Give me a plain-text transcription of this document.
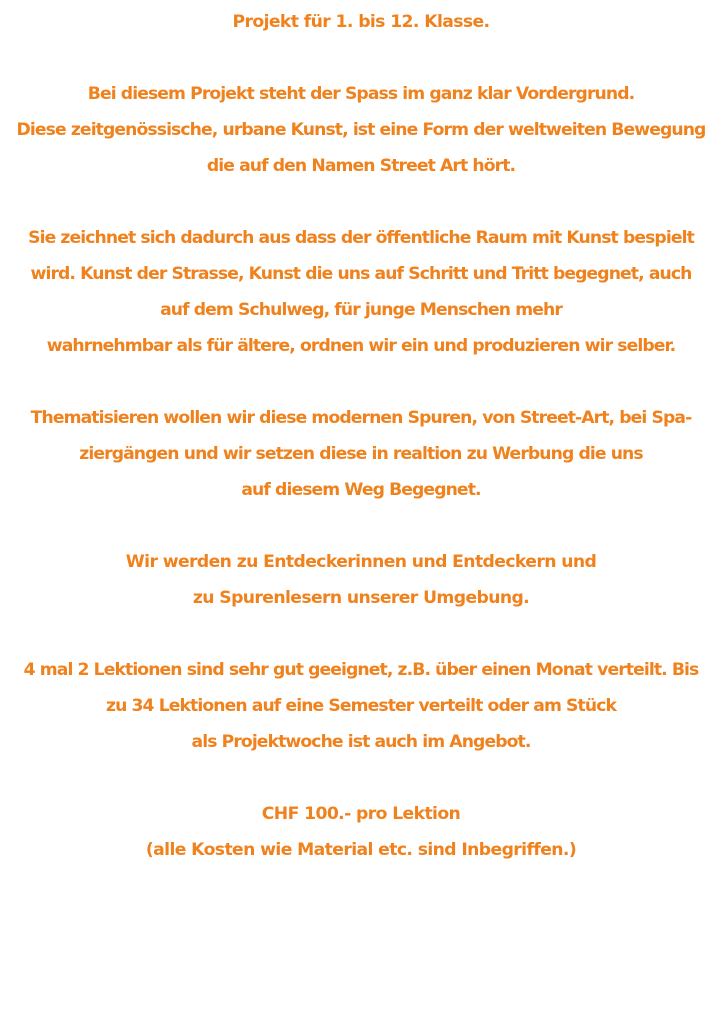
Projekt für 1. bis 12. Klasse.
Bei diesem Projekt steht der Spass im ganz klar Vordergrund.
Diese zeitgenössische, urbane Kunst, ist eine Form der weltweiten Bewegung
die auf den Namen Street Art hört.
Sie zeichnet sich dadurch aus dass der öffentliche Raum mit Kunst bespielt
wird. Kunst der Strasse, Kunst die uns auf Schritt und Tritt begegnet, auch
auf dem Schulweg, für junge Menschen mehr
wahrnehmbar als für ältere, ordnen wir ein und produzieren wir selber.
Thematisieren wollen wir diese modernen Spuren, von Street-Art, bei Spa-
ziergängen und wir setzen diese in realtion zu Werbung die uns
auf diesem Weg Begegnet.
Wir werden zu Entdeckerinnen und Entdeckern und
zu Spurenlesern unserer Umgebung.
4 mal 2 Lektionen sind sehr gut geeignet, z.B. über einen Monat verteilt. Bis
zu 34 Lektionen auf eine Semester verteilt oder am Stück
als Projektwoche ist auch im Angebot.
CHF 100.- pro Lektion
(alle Kosten wie Material etc. sind Inbegriffen.)
